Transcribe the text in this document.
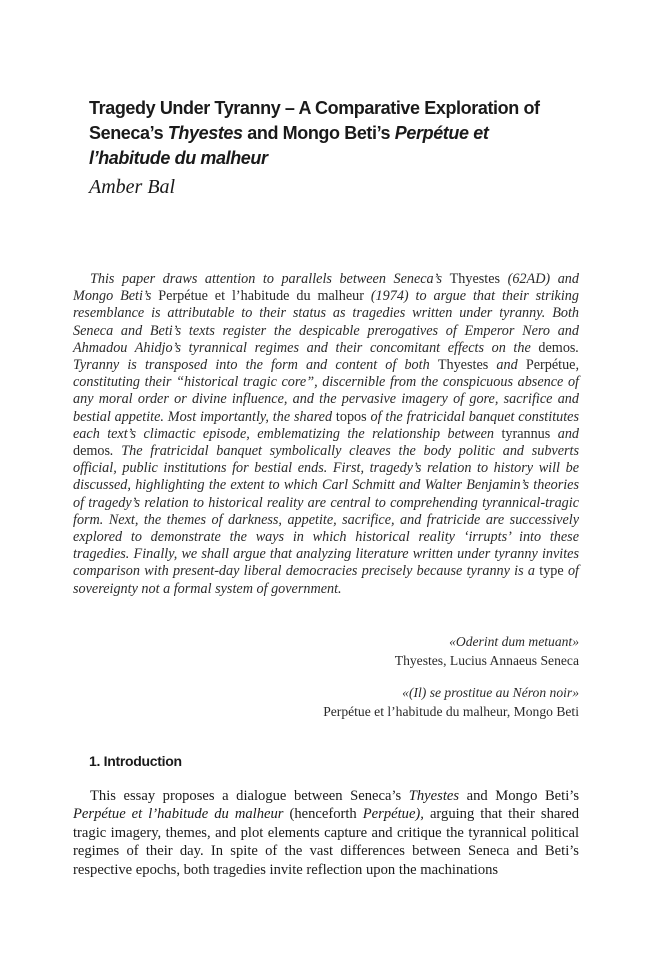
Tragedy Under Tyranny – A Comparative Exploration of Seneca’s Thyestes and Mongo Beti’s Perpétue et l’habitude du malheur
Amber Bal

This paper draws attention to parallels between Seneca’s Thyestes (62AD) and Mongo Beti’s Perpétue et l’habitude du malheur (1974) to argue that their striking resemblance is attributable to their status as tragedies written under tyranny. Both Seneca and Beti’s texts register the despicable prerogatives of Emperor Nero and Ahmadou Ahidjo’s tyrannical regimes and their concomitant effects on the demos. Tyranny is transposed into the form and content of both Thyestes and Perpétue, constituting their “historical tragic core”, discernible from the conspicuous absence of any moral order or divine influence, and the pervasive imagery of gore, sacrifice and bestial appetite. Most importantly, the shared topos of the fratricidal banquet constitutes each text’s climactic episode, emblematizing the relationship between tyrannus and demos. The fratricidal banquet symbolically cleaves the body politic and subverts official, public institutions for bestial ends. First, tragedy’s relation to history will be discussed, highlighting the extent to which Carl Schmitt and Walter Benjamin’s theories of tragedy’s relation to historical reality are central to comprehending tyrannical-tragic form. Next, the themes of darkness, appetite, sacrifice, and fratricide are successively explored to demonstrate the ways in which historical reality ‘irrupts’ into these tragedies. Finally, we shall argue that analyzing literature written under tyranny invites comparison with present-day liberal democracies precisely because tyranny is a type of sovereignty not a formal system of government.

«Oderint dum metuant»
Thyestes, Lucius Annaeus Seneca
«(Il) se prostitue au Néron noir»
Perpétue et l’habitude du malheur, Mongo Beti
1. Introduction

This essay proposes a dialogue between Seneca’s Thyestes and Mongo Beti’s Perpétue et l’habitude du malheur (henceforth Perpétue), arguing that their shared tragic imagery, themes, and plot elements capture and critique the tyrannical political regimes of their day. In spite of the vast differences between Seneca and Beti’s respective epochs, both tragedies invite reflection upon the machinations
